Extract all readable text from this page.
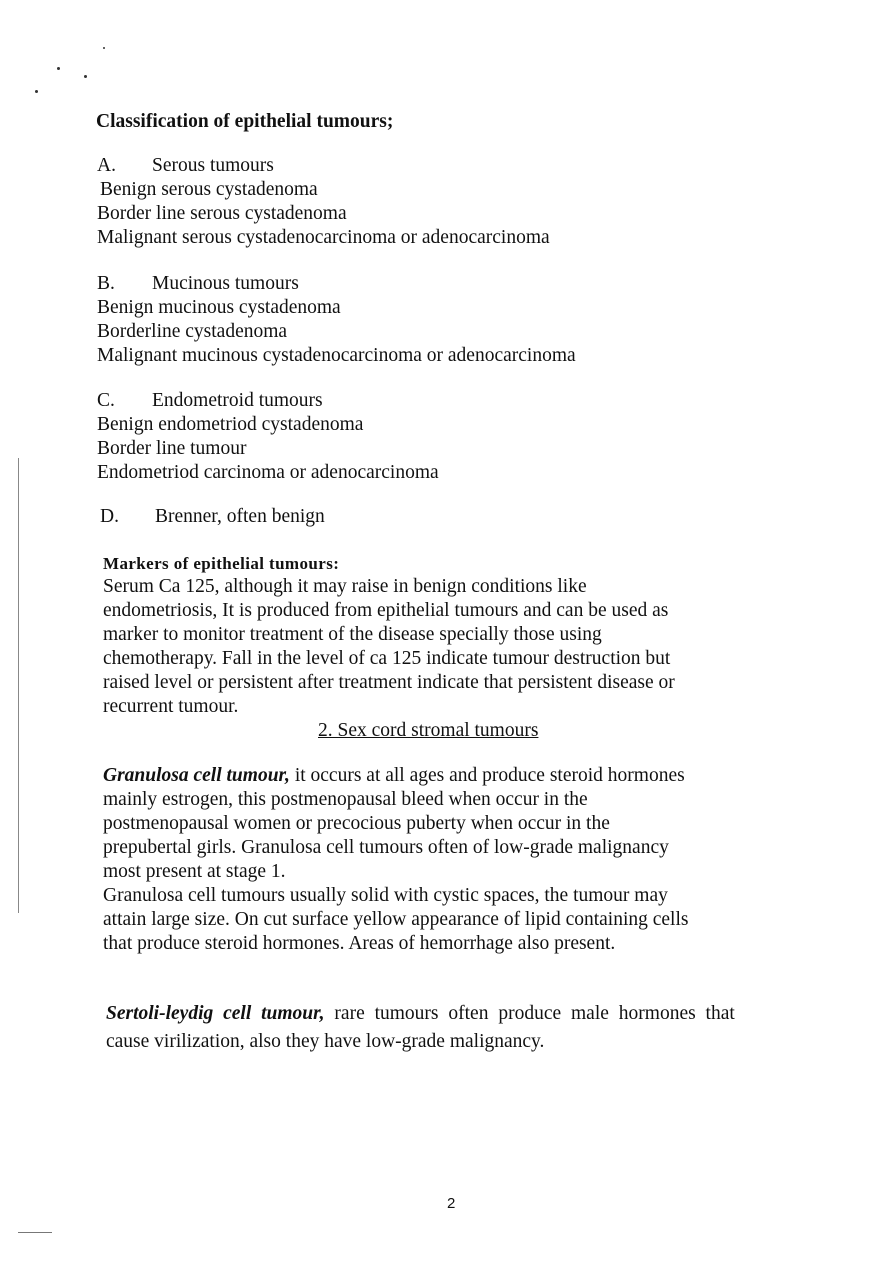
Classification of epithelial tumours;
A. Serous tumours
Benign serous cystadenoma
Border line serous cystadenoma
Malignant serous cystadenocarcinoma or adenocarcinoma
B. Mucinous tumours
Benign mucinous cystadenoma
Borderline cystadenoma
Malignant mucinous cystadenocarcinoma or adenocarcinoma
C. Endometroid tumours
Benign endometriod cystadenoma
Border line tumour
Endometriod carcinoma or adenocarcinoma
D. Brenner, often benign
Markers of epithelial tumours:
Serum Ca 125, although it may raise in benign conditions like
endometriosis, It is produced from epithelial tumours and can be used as
marker to monitor treatment of the disease specially those using
chemotherapy. Fall in the level of ca 125 indicate tumour destruction but
raised level or persistent after treatment indicate that persistent disease or
recurrent tumour.
2. Sex cord stromal tumours
Granulosa cell tumour, it occurs at all ages and produce steroid hormones
mainly estrogen, this postmenopausal bleed when occur in the
postmenopausal women or precocious puberty when occur in the
prepubertal girls. Granulosa cell tumours often of low-grade malignancy
most present at stage 1.
Granulosa cell tumours usually solid with cystic spaces, the tumour may
attain large size. On cut surface yellow appearance of lipid containing cells
that produce steroid hormones. Areas of hemorrhage also present.
Sertoli-leydig cell tumour, rare tumours often produce male hormones that
cause virilization, also they have low-grade malignancy.
2
